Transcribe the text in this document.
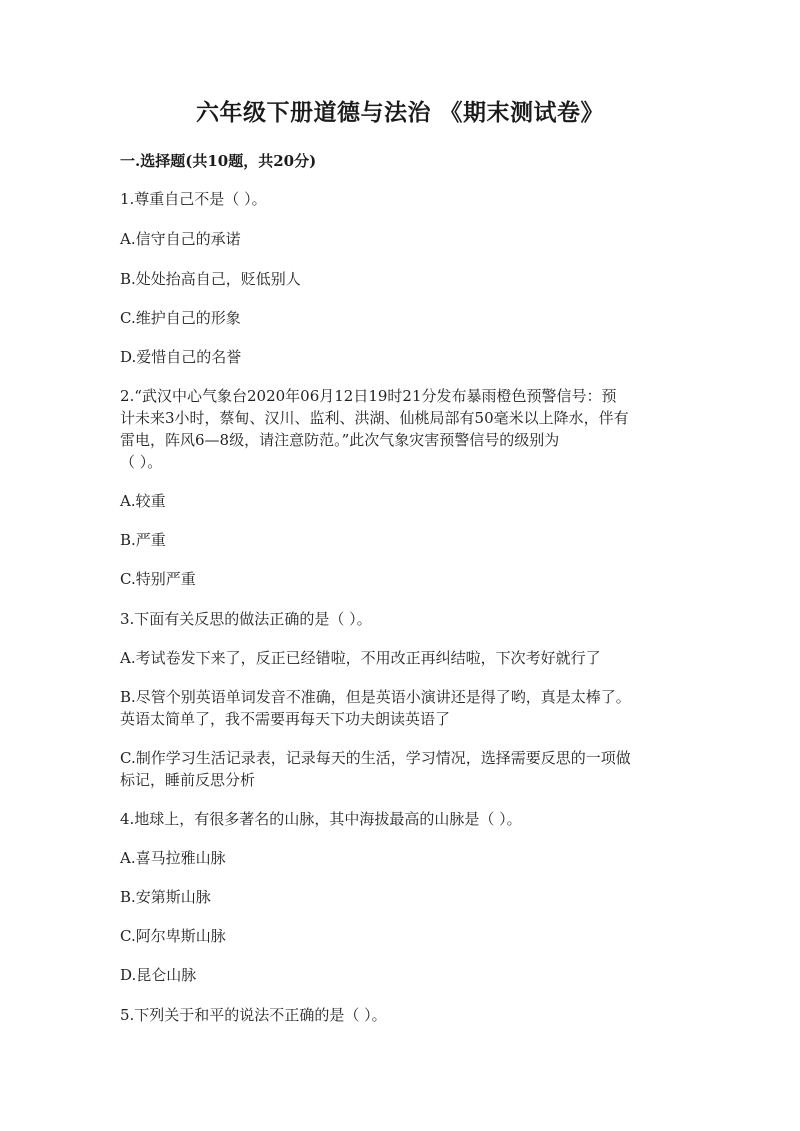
六年级下册道德与法治 《期末测试卷》
一.选择题(共10题，共20分)
1.尊重自己不是（ ）。
A.信守自己的承诺
B.处处抬高自己，贬低别人
C.维护自己的形象
D.爱惜自己的名誉
2.“武汉中心气象台2020年06月12日19时21分发布暴雨橙色预警信号：预
计未来3小时，蔡甸、汉川、监利、洪湖、仙桃局部有50毫米以上降水，伴有
雷电，阵风6—8级，请注意防范。”此次气象灾害预警信号的级别为
（ ）。
A.较重
B.严重
C.特别严重
3.下面有关反思的做法正确的是（ ）。
A.考试卷发下来了，反正已经错啦，不用改正再纠结啦，下次考好就行了
B.尽管个别英语单词发音不准确，但是英语小演讲还是得了哟，真是太棒了。
英语太简单了，我不需要再每天下功夫朗读英语了
C.制作学习生活记录表，记录每天的生活，学习情况，选择需要反思的一项做
标记，睡前反思分析
4.地球上，有很多著名的山脉，其中海拔最高的山脉是（ ）。
A.喜马拉雅山脉
B.安第斯山脉
C.阿尔卑斯山脉
D.昆仑山脉
5.下列关于和平的说法不正确的是（ ）。
